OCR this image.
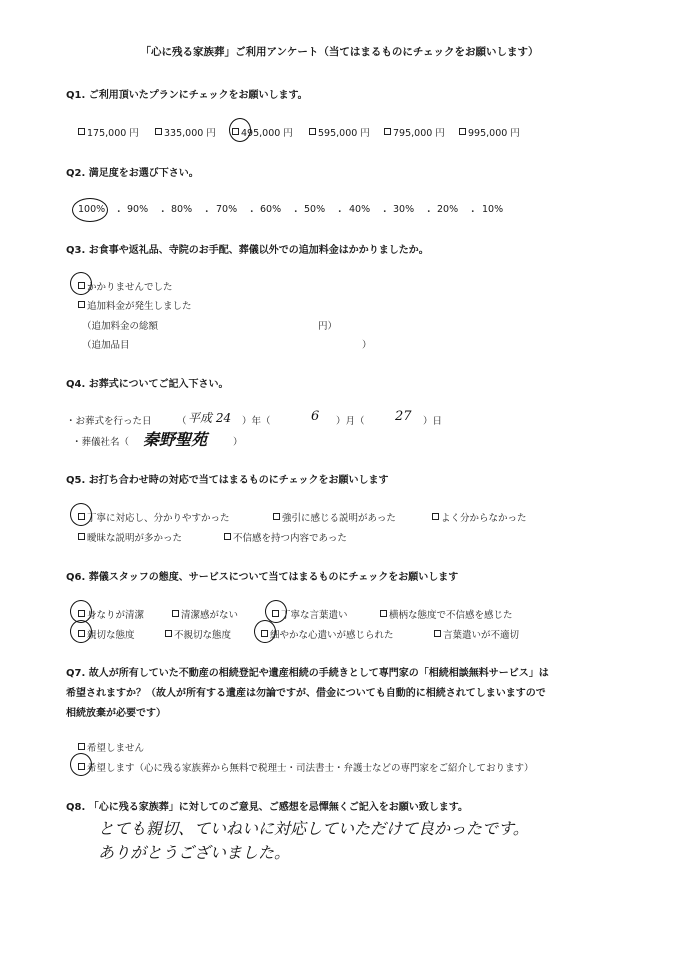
「心に残る家族葬」ご利用アンケート（当てはまるものにチェックをお願いします）
Q1. ご利用頂いたプランにチェックをお願いします。
175,000 円	335,000 円	495,000 円	595,000 円	795,000 円	995,000 円
Q2. 満足度をお選び下さい。
100% ・ 90% ・ 80% ・ 70% ・ 60% ・ 50% ・ 40% ・ 30% ・ 20% ・ 10%
Q3. お食事や返礼品、寺院のお手配、葬儀以外での追加料金はかかりましたか。
かかりませんでした
追加料金が発生しました
（追加料金の総額	円）
（追加品目	）
Q4. お葬式についてご記入下さい。
・お葬式を行った日	（ 平成 24 ）年（	6 ）月（ 27 ）日
・葬儀社名（ 秦野聖苑	）
Q5. お打ち合わせ時の対応で当てはまるものにチェックをお願いします
丁寧に対応し、分かりやすかった	強引に感じる説明があった	よく分からなかった
曖昧な説明が多かった	不信感を持つ内容であった
Q6. 葬儀スタッフの態度、サービスについて当てはまるものにチェックをお願いします
身なりが清潔	清潔感がない	丁寧な言葉遣い	横柄な態度で不信感を感じた
親切な態度	不親切な態度	細やかな心遣いが感じられた	言葉遣いが不適切
Q7. 故人が所有していた不動産の相続登記や遺産相続の手続きとして専門家の「相続相談無料サービス」は
希望されますか？（故人が所有する遺産は勿論ですが、借金についても自動的に相続されてしまいますので
相続放棄が必要です）
希望しません
希望します（心に残る家族葬から無料で税理士・司法書士・弁護士などの専門家をご紹介しております）
Q8. 「心に残る家族葬」に対してのご意見、ご感想を忌憚無くご記入をお願い致します。
とても親切、ていねいに対応していただけて良かったです。
ありがとうございました。
